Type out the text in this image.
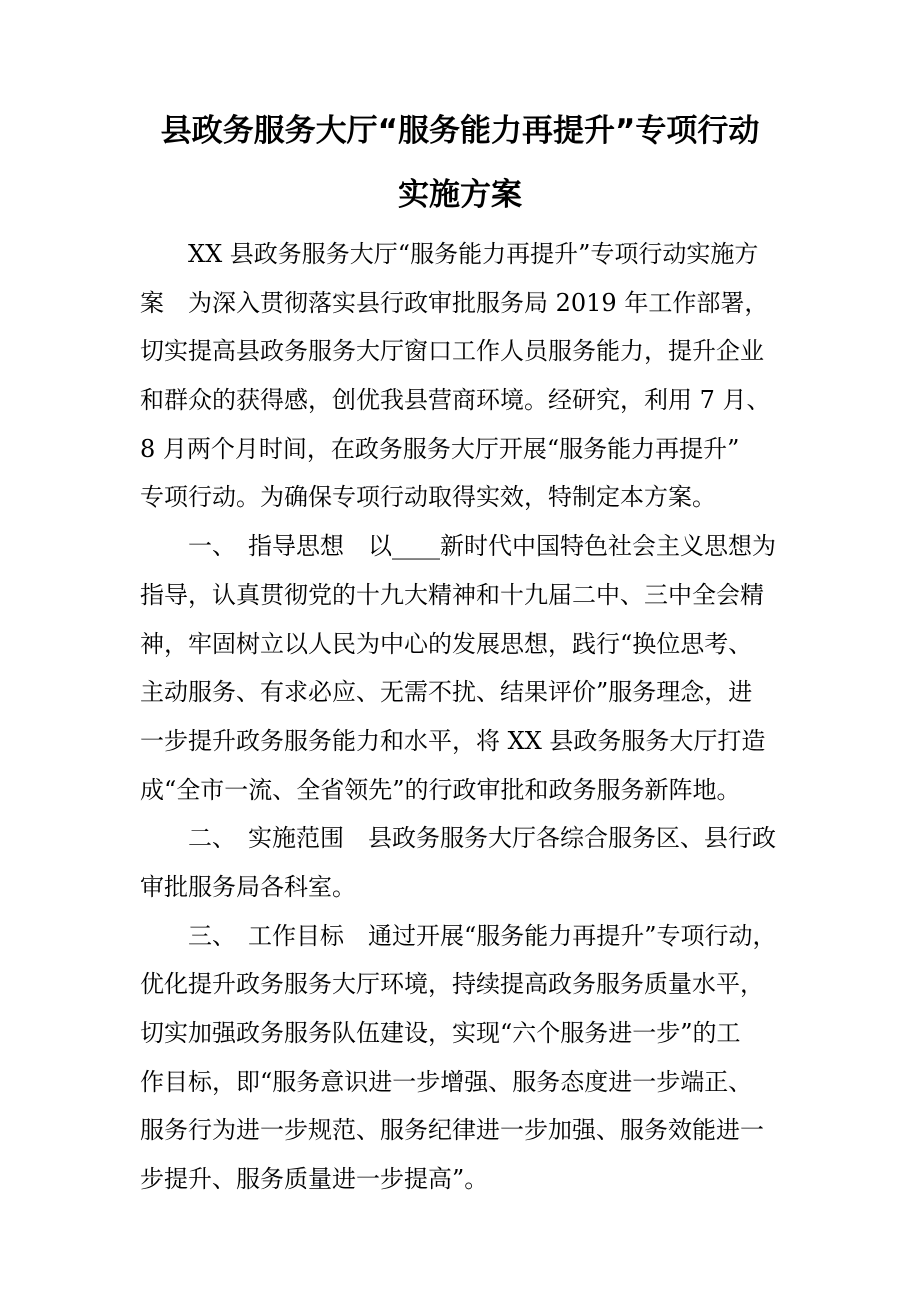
县政务服务大厅“服务能力再提升”专项行动
实施方案

XX 县政务服务大厅“服务能力再提升”专项行动实施方

案　为深入贯彻落实县行政审批服务局 2019 年工作部署，

切实提高县政务服务大厅窗口工作人员服务能力，提升企业

和群众的获得感，创优我县营商环境。经研究，利用 7 月、

8 月两个月时间，在政务服务大厅开展“服务能力再提升”

专项行动。为确保专项行动取得实效，特制定本方案。

一、　指导思想　以____新时代中国特色社会主义思想为

指导，认真贯彻党的十九大精神和十九届二中、三中全会精

神，牢固树立以人民为中心的发展思想，践行“换位思考、

主动服务、有求必应、无需不扰、结果评价”服务理念，进

一步提升政务服务能力和水平，将 XX 县政务服务大厅打造

成“全市一流、全省领先”的行政审批和政务服务新阵地。

二、　实施范围　县政务服务大厅各综合服务区、县行政

审批服务局各科室。

三、　工作目标　通过开展“服务能力再提升”专项行动，

优化提升政务服务大厅环境，持续提高政务服务质量水平，

切实加强政务服务队伍建设，实现“六个服务进一步”的工

作目标，即“服务意识进一步增强、服务态度进一步端正、

服务行为进一步规范、服务纪律进一步加强、服务效能进一

步提升、服务质量进一步提高”。
